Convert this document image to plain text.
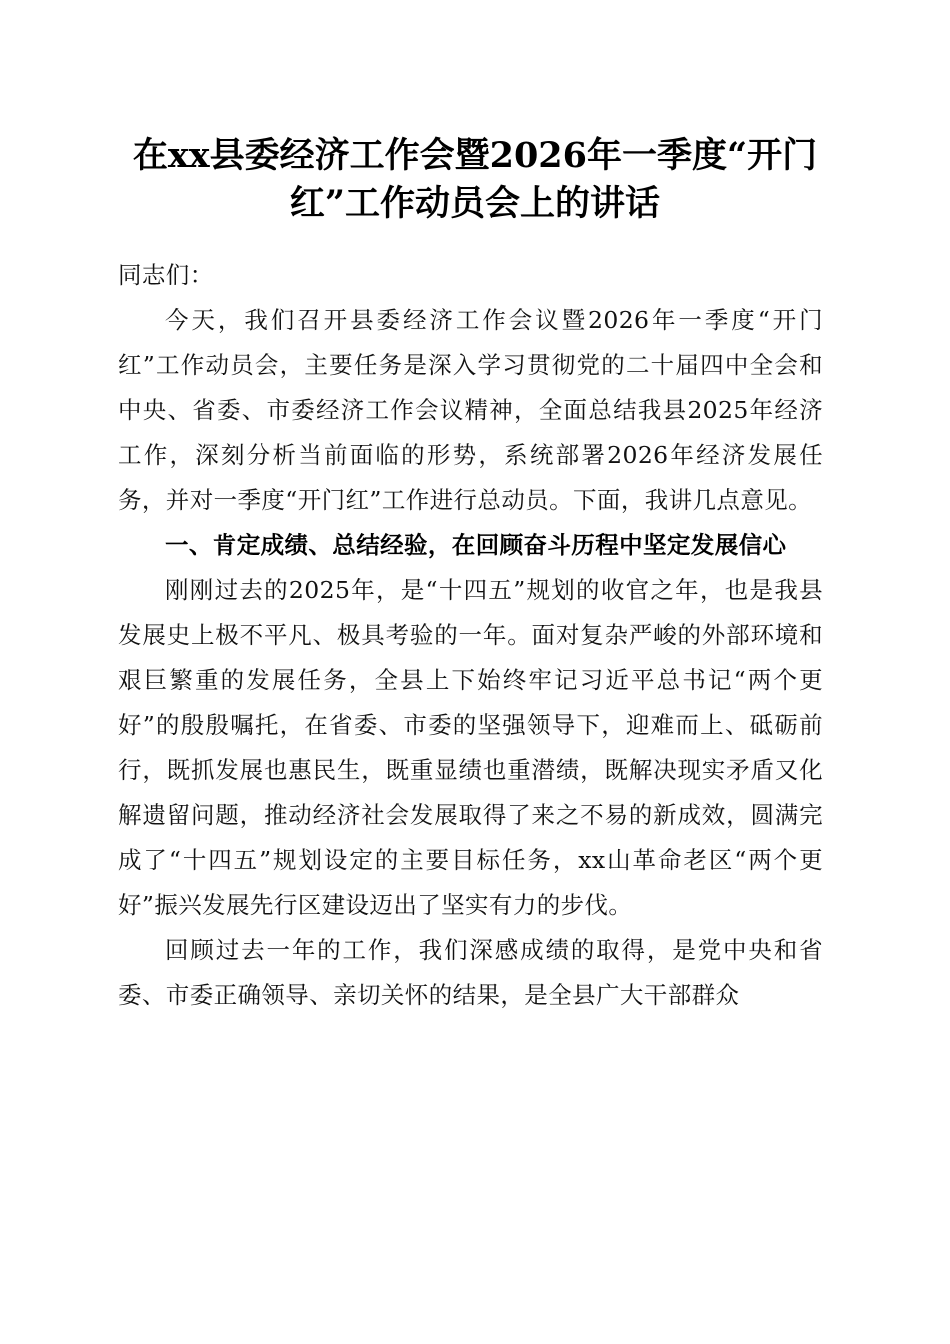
在xx县委经济工作会暨2026年一季度“开门红”工作动员会上的讲话

同志们：

今天，我们召开县委经济工作会议暨2026年一季度“开门红”工作动员会，主要任务是深入学习贯彻党的二十届四中全会和中央、省委、市委经济工作会议精神，全面总结我县2025年经济工作，深刻分析当前面临的形势，系统部署2026年经济发展任务，并对一季度“开门红”工作进行总动员。下面，我讲几点意见。

一、肯定成绩、总结经验，在回顾奋斗历程中坚定发展信心

刚刚过去的2025年，是“十四五”规划的收官之年，也是我县发展史上极不平凡、极具考验的一年。面对复杂严峻的外部环境和艰巨繁重的发展任务，全县上下始终牢记习近平总书记“两个更好”的殷殷嘱托，在省委、市委的坚强领导下，迎难而上、砥砺前行，既抓发展也惠民生，既重显绩也重潜绩，既解决现实矛盾又化解遗留问题，推动经济社会发展取得了来之不易的新成效，圆满完成了“十四五”规划设定的主要目标任务，xx山革命老区“两个更好”振兴发展先行区建设迈出了坚实有力的步伐。

回顾过去一年的工作，我们深感成绩的取得，是党中央和省委、市委正确领导、亲切关怀的结果，是全县广大干部群众
